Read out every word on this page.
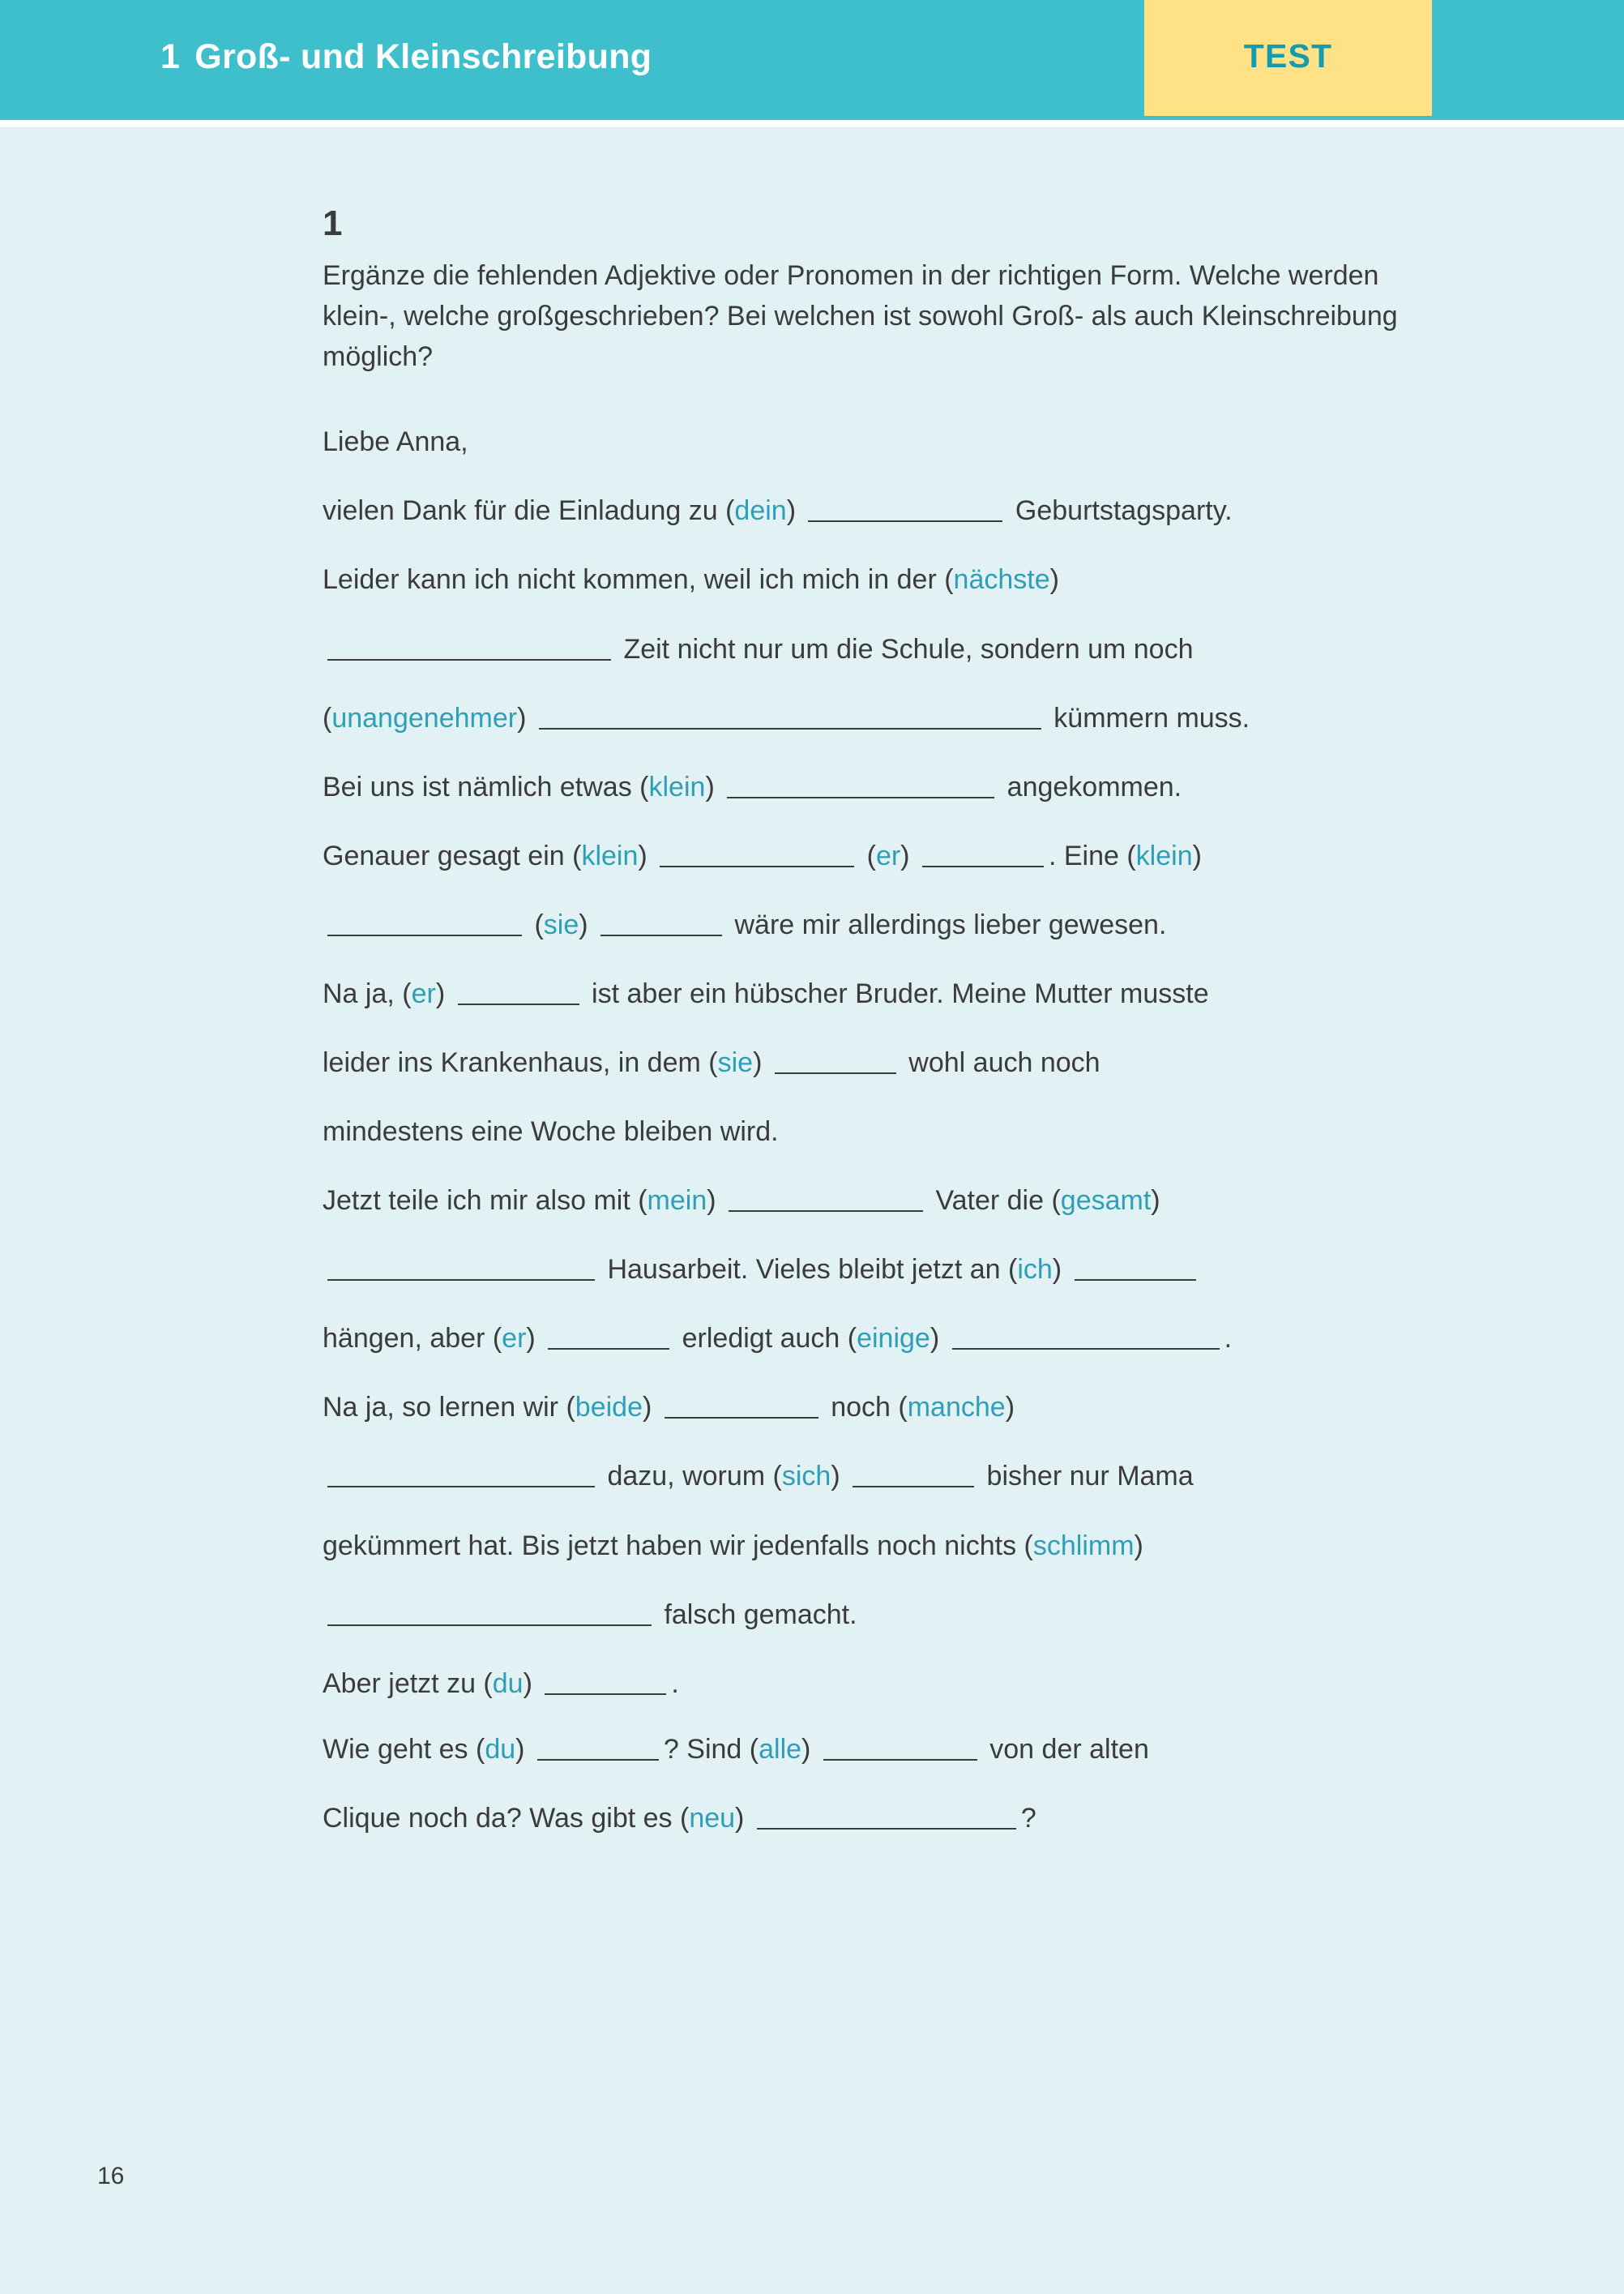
1 Groß- und Kleinschreibung	TEST
1
Ergänze die fehlenden Adjektive oder Pronomen in der richtigen Form. Welche werden klein-, welche großgeschrieben? Bei welchen ist sowohl Groß- als auch Kleinschreibung möglich?

Liebe Anna,

vielen Dank für die Einladung zu (dein)	Geburtstagsparty.

Leider kann ich nicht kommen, weil ich mich in der (nächste)

Zeit nicht nur um die Schule, sondern um noch

(unangenehmer)	kümmern muss.

Bei uns ist nämlich etwas (klein)	angekommen.

Genauer gesagt ein (klein)	(er)	. Eine (klein)

(sie)	wäre mir allerdings lieber gewesen.

Na ja, (er)	ist aber ein hübscher Bruder. Meine Mutter musste

leider ins Krankenhaus, in dem (sie)	wohl auch noch

mindestens eine Woche bleiben wird.

Jetzt teile ich mir also mit (mein)	Vater die (gesamt)

Hausarbeit. Vieles bleibt jetzt an (ich)

hängen, aber (er)	erledigt auch (einige)	.

Na ja, so lernen wir (beide)	noch (manche)

dazu, worum (sich)	bisher nur Mama

gekümmert hat. Bis jetzt haben wir jedenfalls noch nichts (schlimm)

falsch gemacht.

Aber jetzt zu (du)	.

Wie geht es (du)	? Sind (alle)	von der alten

Clique noch da? Was gibt es (neu)	?

16
